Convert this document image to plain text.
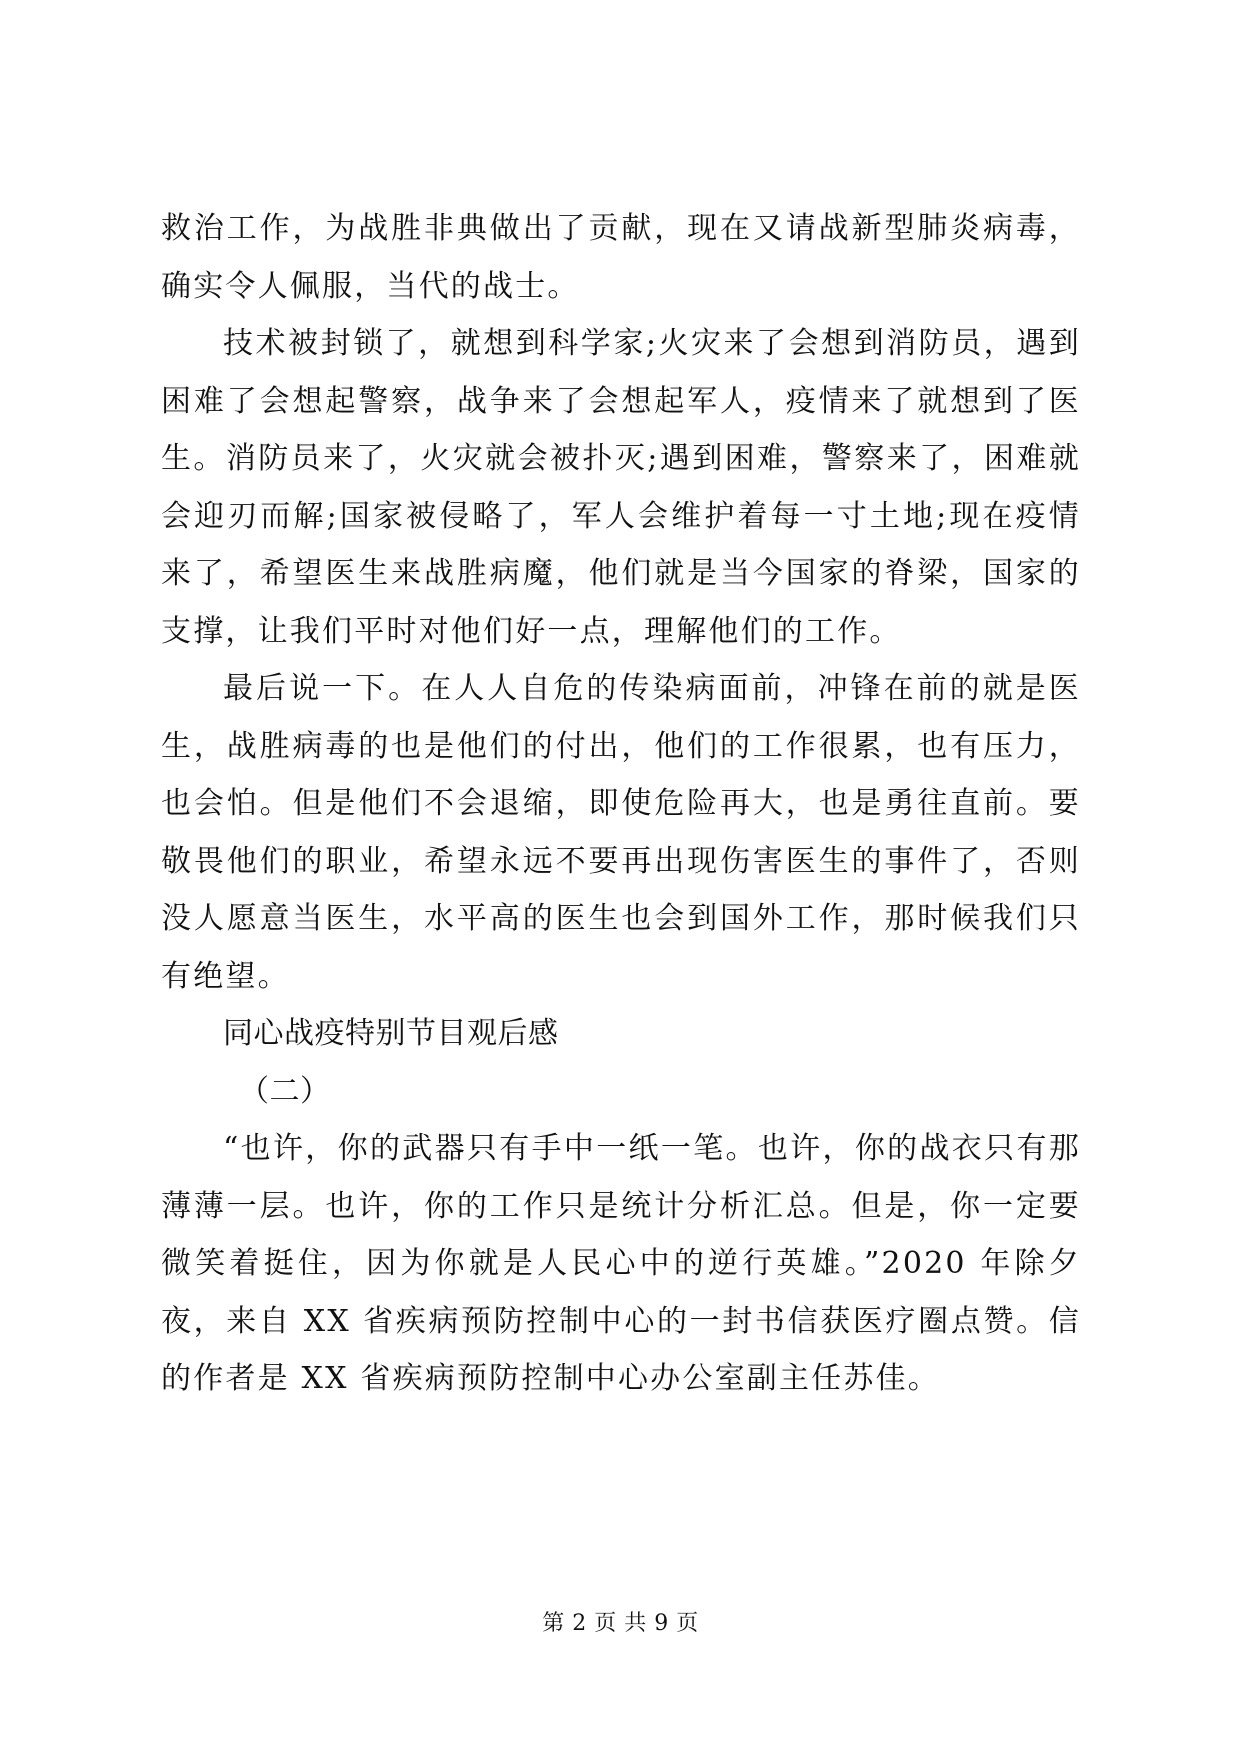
救治工作，为战胜非典做出了贡献，现在又请战新型肺炎病毒，确实令人佩服，当代的战士。

技术被封锁了，就想到科学家;火灾来了会想到消防员，遇到困难了会想起警察，战争来了会想起军人，疫情来了就想到了医生。消防员来了，火灾就会被扑灭;遇到困难，警察来了，困难就会迎刃而解;国家被侵略了，军人会维护着每一寸土地;现在疫情来了，希望医生来战胜病魔，他们就是当今国家的脊梁，国家的支撑，让我们平时对他们好一点，理解他们的工作。

最后说一下。在人人自危的传染病面前，冲锋在前的就是医生，战胜病毒的也是他们的付出，他们的工作很累，也有压力，也会怕。但是他们不会退缩，即使危险再大，也是勇往直前。要敬畏他们的职业，希望永远不要再出现伤害医生的事件了，否则没人愿意当医生，水平高的医生也会到国外工作，那时候我们只有绝望。

同心战疫特别节目观后感

（二）

“也许，你的武器只有手中一纸一笔。也许，你的战衣只有那薄薄一层。也许，你的工作只是统计分析汇总。但是，你一定要微笑着挺住，因为你就是人民心中的逆行英雄。”2020 年除夕夜，来自 XX 省疾病预防控制中心的一封书信获医疗圈点赞。信的作者是 XX 省疾病预防控制中心办公室副主任苏佳。

第 2 页 共 9 页
